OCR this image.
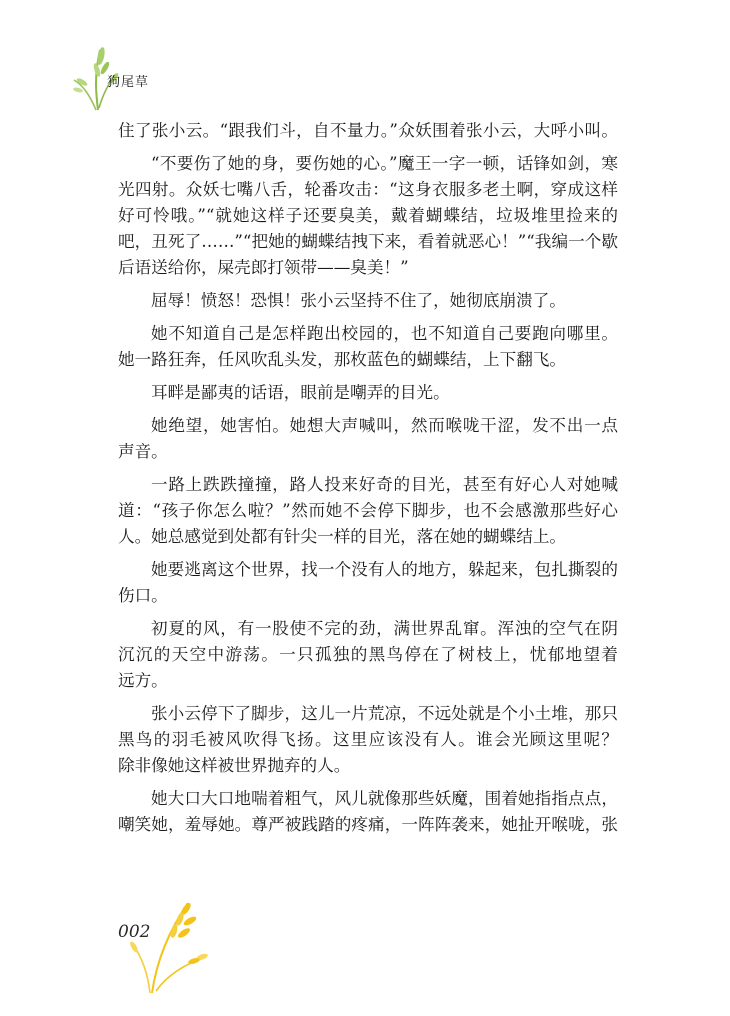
狗尾草
住了张小云。“跟我们斗，自不量力。”众妖围着张小云，大呼小叫。
“不要伤了她的身，要伤她的心。”魔王一字一顿，话锋如剑，寒
光四射。众妖七嘴八舌，轮番攻击：“这身衣服多老土啊，穿成这样
好可怜哦。”“就她这样子还要臭美，戴着蝴蝶结，垃圾堆里捡来的
吧，丑死了……”“把她的蝴蝶结拽下来，看着就恶心！”“我编一个歇
后语送给你，屎壳郎打领带——臭美！”
屈辱！愤怒！恐惧！张小云坚持不住了，她彻底崩溃了。
她不知道自己是怎样跑出校园的，也不知道自己要跑向哪里。
她一路狂奔，任风吹乱头发，那枚蓝色的蝴蝶结，上下翻飞。
耳畔是鄙夷的话语，眼前是嘲弄的目光。
她绝望，她害怕。她想大声喊叫，然而喉咙干涩，发不出一点
声音。
一路上跌跌撞撞，路人投来好奇的目光，甚至有好心人对她喊
道：“孩子你怎么啦？”然而她不会停下脚步，也不会感激那些好心
人。她总感觉到处都有针尖一样的目光，落在她的蝴蝶结上。
她要逃离这个世界，找一个没有人的地方，躲起来，包扎撕裂的
伤口。
初夏的风，有一股使不完的劲，满世界乱窜。浑浊的空气在阴
沉沉的天空中游荡。一只孤独的黑鸟停在了树枝上，忧郁地望着
远方。
张小云停下了脚步，这儿一片荒凉，不远处就是个小土堆，那只
黑鸟的羽毛被风吹得飞扬。这里应该没有人。谁会光顾这里呢？
除非像她这样被世界抛弃的人。
她大口大口地喘着粗气，风儿就像那些妖魔，围着她指指点点，
嘲笑她，羞辱她。尊严被践踏的疼痛，一阵阵袭来，她扯开喉咙，张
002
